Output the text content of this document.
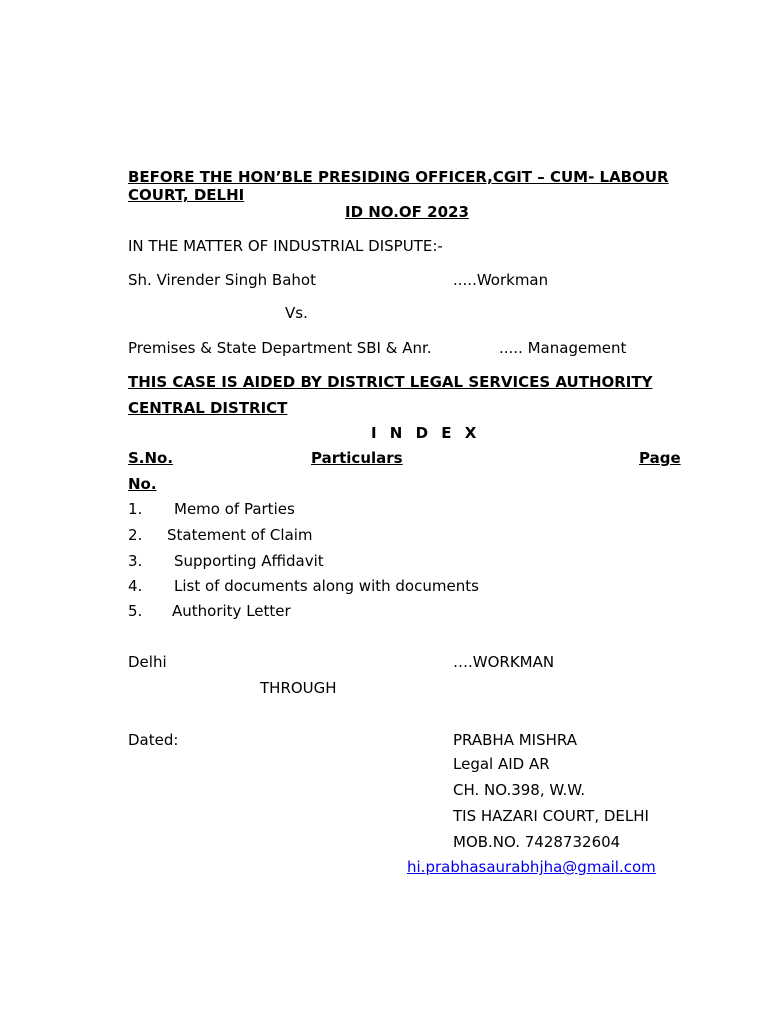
BEFORE THE HON’BLE PRESIDING OFFICER,CGIT – CUM- LABOUR
COURT, DELHI
ID NO.OF 2023
IN THE MATTER OF INDUSTRIAL DISPUTE:-
Sh. Virender Singh Bahot	.....Workman
Vs.
Premises & State Department SBI & Anr.	..... Management
THIS CASE IS AIDED BY DISTRICT LEGAL SERVICES AUTHORITY
CENTRAL DISTRICT
I N D E X
S.No.	Particulars	Page
No.
1. Memo of Parties
2. Statement of Claim
3. Supporting Affidavit
4. List of documents along with documents
5. Authority Letter
Delhi	….WORKMAN
THROUGH
Dated:	PRABHA MISHRA
Legal AID AR
CH. NO.398, W.W.
TIS HAZARI COURT, DELHI
MOB.NO. 7428732604
hi.prabhasaurabhjha@gmail.com
